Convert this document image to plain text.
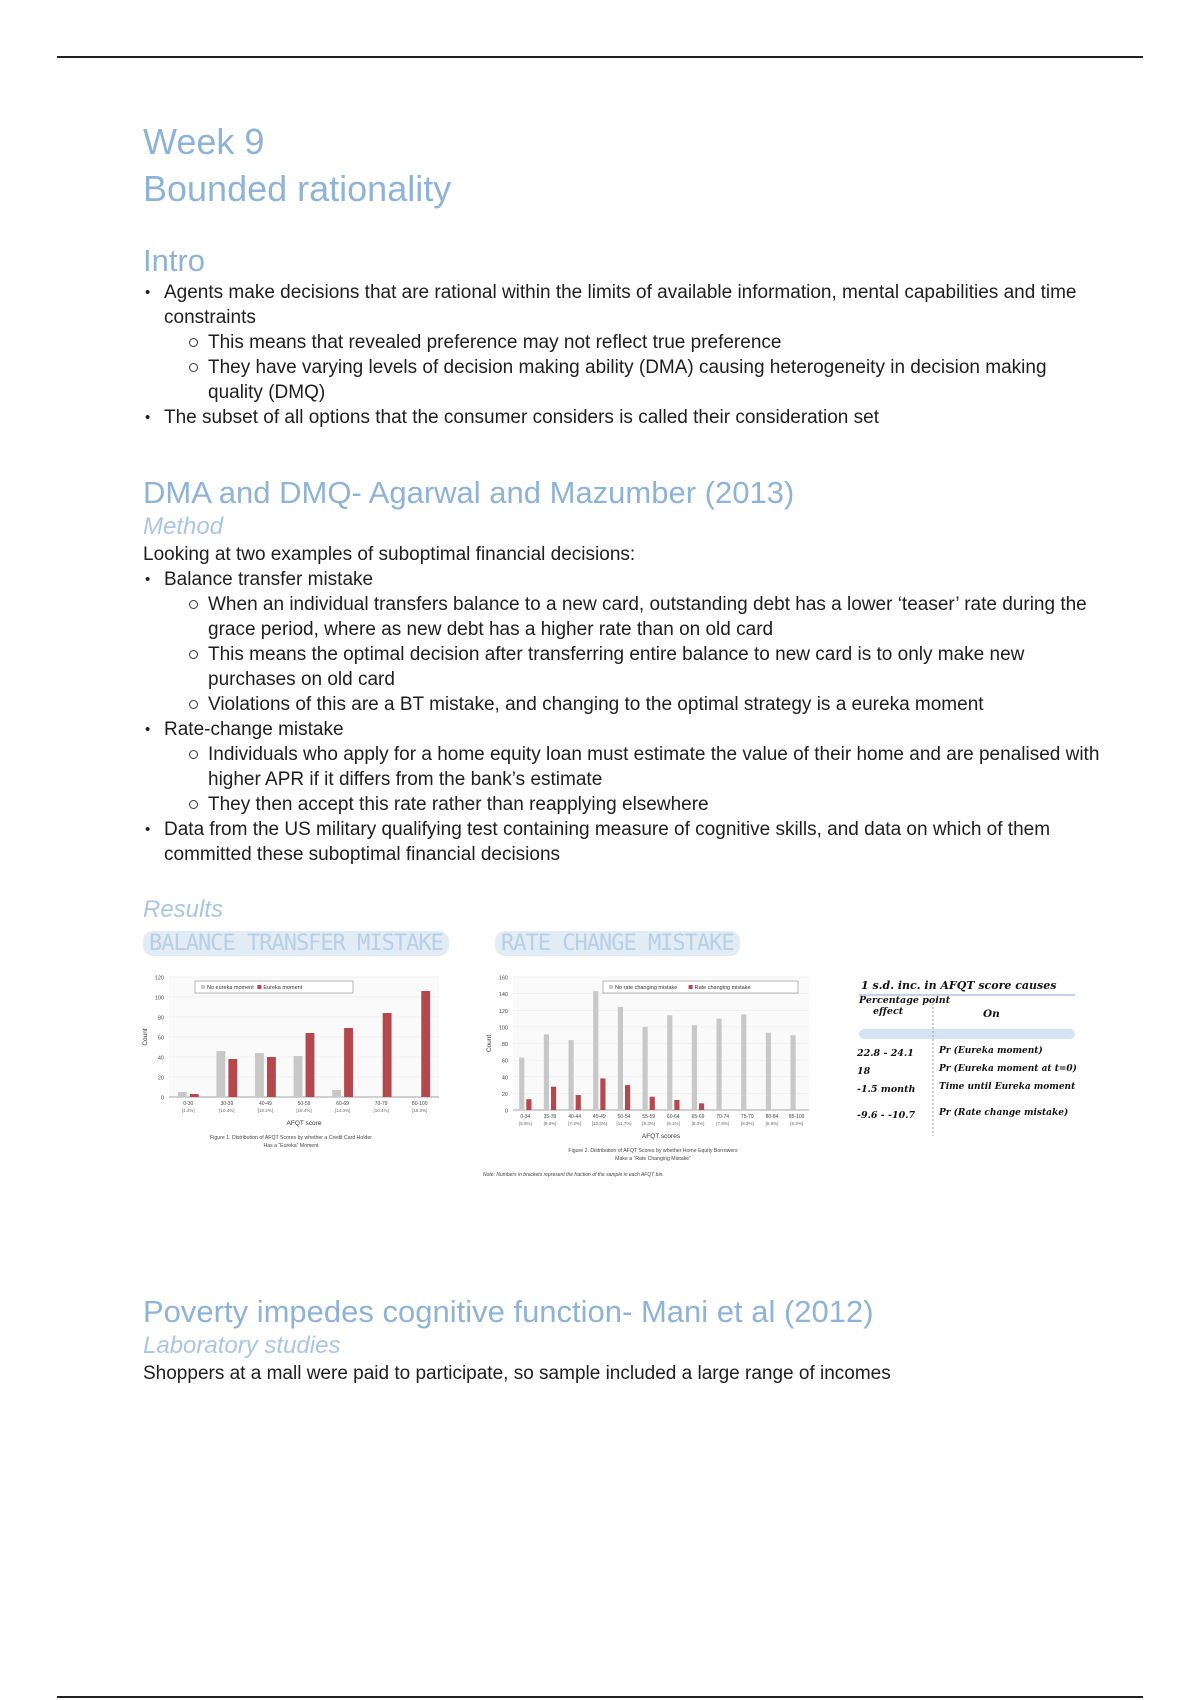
Week 9
Bounded rationality
Intro
• Agents make decisions that are rational within the limits of available information, mental capabilities and time constraints
This means that revealed preference may not reflect true preference
They have varying levels of decision making ability (DMA) causing heterogeneity in decision making quality (DMQ)
• The subset of all options that the consumer considers is called their consideration set
DMA and DMQ- Agarwal and Mazumber (2013)
Method

Looking at two examples of suboptimal financial decisions:

• Balance transfer mistake
When an individual transfers balance to a new card, outstanding debt has a lower ‘teaser’ rate during the grace period, where as new debt has a higher rate than on old card
This means the optimal decision after transferring entire balance to new card is to only make new purchases on old card
Violations of this are a BT mistake, and changing to the optimal strategy is a eureka moment
• Rate-change mistake
Individuals who apply for a home equity loan must estimate the value of their home and are penalised with higher APR if it differs from the bank’s estimate
They then accept this rate rather than reapplying elsewhere
• Data from the US military qualifying test containing measure of cognitive skills, and data on which of them committed these suboptimal financial decisions
Results
BALANCE TRANSFER MISTAKE	RATE CHANGE MISTAKE
0
20
40
60
80
100
120
0-30
[1.2%]
30-39
[10.4%]
40-49
[10.2%]
50-59
[18.4%]
60-69
[14.3%]
70-79
[10.4%]
80-100
[18.0%]
AFQT score
Count
No eureka moment Eureka moment
Figure 1. Distribution of AFQT Scores by whether a Credit Card Holder Has a “Eureka” Moment
0
20
40
60
80
100
120
140
160
0-34
[5.8%]
35-39
[8.6%]
40-44
[7.3%]
45-49
[13.3%]
50-54
[11.7%]
55-59
[8.3%]
60-64
[8.1%]
65-69
[8.0%]
70-74
[7.8%]
75-79
[8.2%]
80-84
[6.8%]
85-100
[6.3%]
AFQT scores
Count
No rate changing mistake	Rate changing mistake
Figure 2. Distribution of AFQT Scores by whether Home Equity Borrowers Make a “Rate Changing Mistake”
Note: Numbers in brackets represent the fraction of the sample in each AFQT bin.
1 s.d. inc. in AFQT score causes
Percentage point effect	On
22.8 - 24.1	Pr (Eureka moment)
18	Pr (Eureka moment at t=0)
-1.5 month	Time until Eureka moment
-9.6 - -10.7	Pr (Rate change mistake)
Poverty impedes cognitive function- Mani et al (2012)
Laboratory studies

Shoppers at a mall were paid to participate, so sample included a large range of incomes
